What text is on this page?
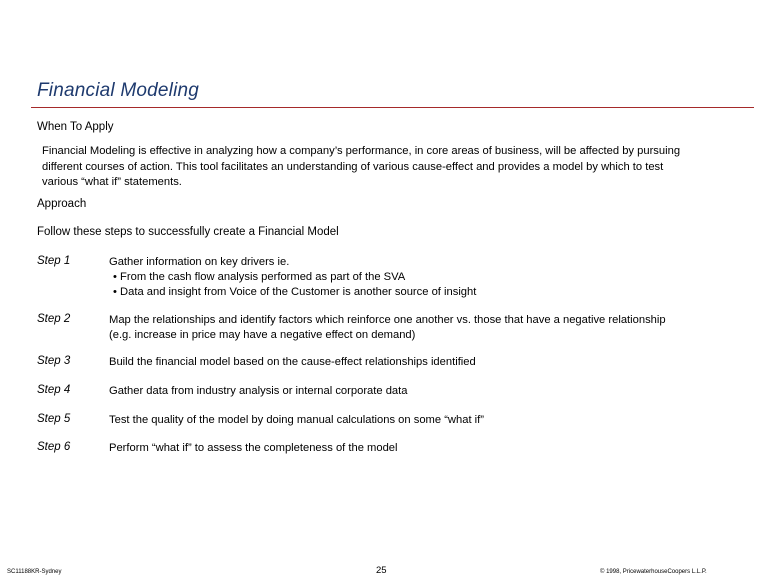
Financial Modeling
When To Apply
Financial Modeling is effective in analyzing how a company’s performance, in core areas of business, will be affected by pursuing different courses of action. This tool facilitates an understanding of various cause-effect and provides a model by which to test various “what if” statements.
Approach
Follow these steps to successfully create a Financial Model
Step 1	Gather information on key drivers ie.
• From the cash flow analysis performed as part of the SVA
• Data and insight from Voice of the Customer is another source of insight
Step 2	Map the relationships and identify factors which reinforce one another vs. those that have a negative relationship
(e.g. increase in price may have a negative effect on demand)
Step 3	Build the financial model based on the cause-effect relationships identified
Step 4	Gather data from industry analysis or internal corporate data
Step 5	Test the quality of the model by doing manual calculations on some “what if”
Step 6	Perform “what if” to assess the completeness of the model
SC11188KR-Sydney	25	© 1998, PricewaterhouseCoopers L.L.P.
